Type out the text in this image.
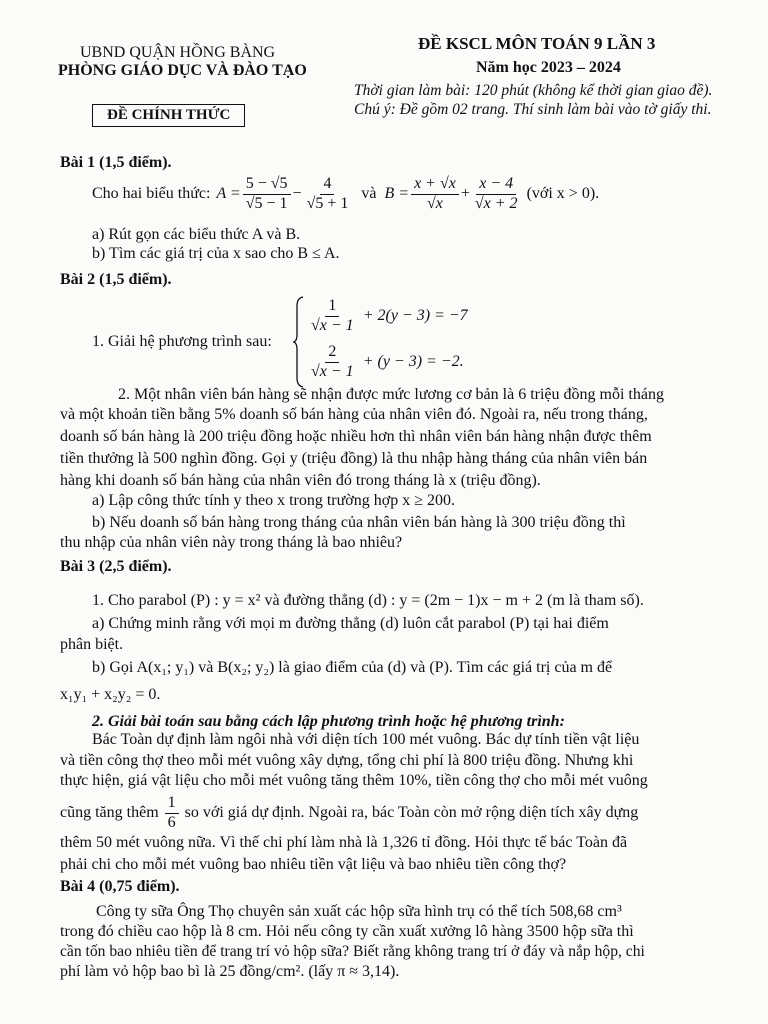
UBND QUẬN HỒNG BÀNG
PHÒNG GIÁO DỤC VÀ ĐÀO TẠO
ĐỀ CHÍNH THỨC
ĐỀ KSCL MÔN TOÁN 9 LẦN 3
Năm học 2023 – 2024
Thời gian làm bài: 120 phút (không kể thời gian giao đề).
Chú ý: Đề gồm 02 trang. Thí sinh làm bài vào tờ giấy thi.
Bài 1 (1,5 điểm).
Cho hai biểu thức: $A = \frac{5 - √5}{√5 - 1} - \frac{4}{√5 + 1}$ và $B = \frac{x + √x}{√x} + \frac{x - 4}{√x + 2}$ (với x > 0).
a) Rút gọn các biểu thức A và B.
b) Tìm các giá trị của x sao cho B ≤ A.
Bài 2 (1,5 điểm).
1. Giải hệ phương trình sau:
$\frac{1}{√x - 1} + 2(y - 3) = -7$
$\frac{2}{√x - 1} + (y - 3) = -2$.
2. Một nhân viên bán hàng sẽ nhận được mức lương cơ bản là 6 triệu đồng mỗi tháng
và một khoản tiền bằng 5% doanh số bán hàng của nhân viên đó. Ngoài ra, nếu trong tháng,
doanh số bán hàng là 200 triệu đồng hoặc nhiều hơn thì nhân viên bán hàng nhận được thêm
tiền thưởng là 500 nghìn đồng. Gọi y (triệu đồng) là thu nhập hàng tháng của nhân viên bán
hàng khi doanh số bán hàng của nhân viên đó trong tháng là x (triệu đồng).
a) Lập công thức tính y theo x trong trường hợp x ≥ 200.
b) Nếu doanh số bán hàng trong tháng của nhân viên bán hàng là 300 triệu đồng thì
thu nhập của nhân viên này trong tháng là bao nhiêu?
Bài 3 (2,5 điểm).
1. Cho parabol (P) : y = x² và đường thẳng (d) : y = (2m − 1)x − m + 2 (m là tham số).
a) Chứng minh rằng với mọi m đường thẳng (d) luôn cắt parabol (P) tại hai điểm
phân biệt.
b) Gọi A(x₁; y₁) và B(x₂; y₂) là giao điểm của (d) và (P). Tìm các giá trị của m để
x₁y₁ + x₂y₂ = 0.
2. Giải bài toán sau bằng cách lập phương trình hoặc hệ phương trình:
Bác Toàn dự định làm ngôi nhà với diện tích 100 mét vuông. Bác dự tính tiền vật liệu
và tiền công thợ theo mỗi mét vuông xây dựng, tổng chi phí là 800 triệu đồng. Nhưng khi
thực hiện, giá vật liệu cho mỗi mét vuông tăng thêm 10%, tiền công thợ cho mỗi mét vuông
cũng tăng thêm $\frac{1}{6}$ so với giá dự định. Ngoài ra, bác Toàn còn mở rộng diện tích xây dựng
thêm 50 mét vuông nữa. Vì thế chi phí làm nhà là 1,326 tỉ đồng. Hỏi thực tế bác Toàn đã
phải chi cho mỗi mét vuông bao nhiêu tiền vật liệu và bao nhiêu tiền công thợ?
Bài 4 (0,75 điểm).
Công ty sữa Ông Thọ chuyên sản xuất các hộp sữa hình trụ có thể tích 508,68 cm³
trong đó chiều cao hộp là 8 cm. Hỏi nếu công ty cần xuất xưởng lô hàng 3500 hộp sữa thì
cần tốn bao nhiêu tiền để trang trí vỏ hộp sữa? Biết rằng không trang trí ở đáy và nắp hộp, chi
phí làm vỏ hộp bao bì là 25 đồng/cm². (lấy π ≈ 3,14).
